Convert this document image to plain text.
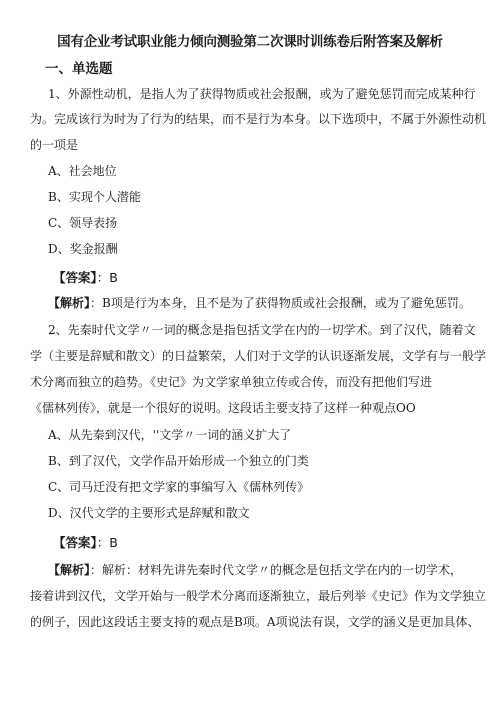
国有企业考试职业能力倾向测验第二次课时训练卷后附答案及解析
一、单选题
1、外源性动机，是指人为了获得物质或社会报酬，或为了避免惩罚而完成某种行
为。完成该行为时为了行为的结果，而不是行为本身。以下选项中，不属于外源性动机
的一项是
A、社会地位
B、实现个人潜能
C、领导表扬
D、奖金报酬
【答案】：B
【解析】：B项是行为本身，且不是为了获得物质或社会报酬，或为了避免惩罚。
2、先秦时代文学〃一词的概念是指包括文学在内的一切学术。到了汉代，随着文
学（主要是辞赋和散文）的日益繁荣，人们对于文学的认识逐渐发展，文学有与一般学
术分离而独立的趋势。《史记》为文学家单独立传或合传，而没有把他们写进
《儒林列传》，就是一个很好的说明。这段话主要支持了这样一种观点OO
A、从先秦到汉代，''文学〃一词的涵义扩大了
B、到了汉代，文学作品开始形成一个独立的门类
C、司马迁没有把文学家的事编写入《儒林列传》
D、汉代文学的主要形式是辞赋和散文
【答案】：B
【解析】：解析：材料先讲先秦时代文学〃的概念是包括文学在内的一切学术，
接着讲到汉代，文学开始与一般学术分离而逐渐独立，最后列举《史记》作为文学独立
的例子，因此这段话主要支持的观点是B项。A项说法有误，文学的涵义是更加具体、
